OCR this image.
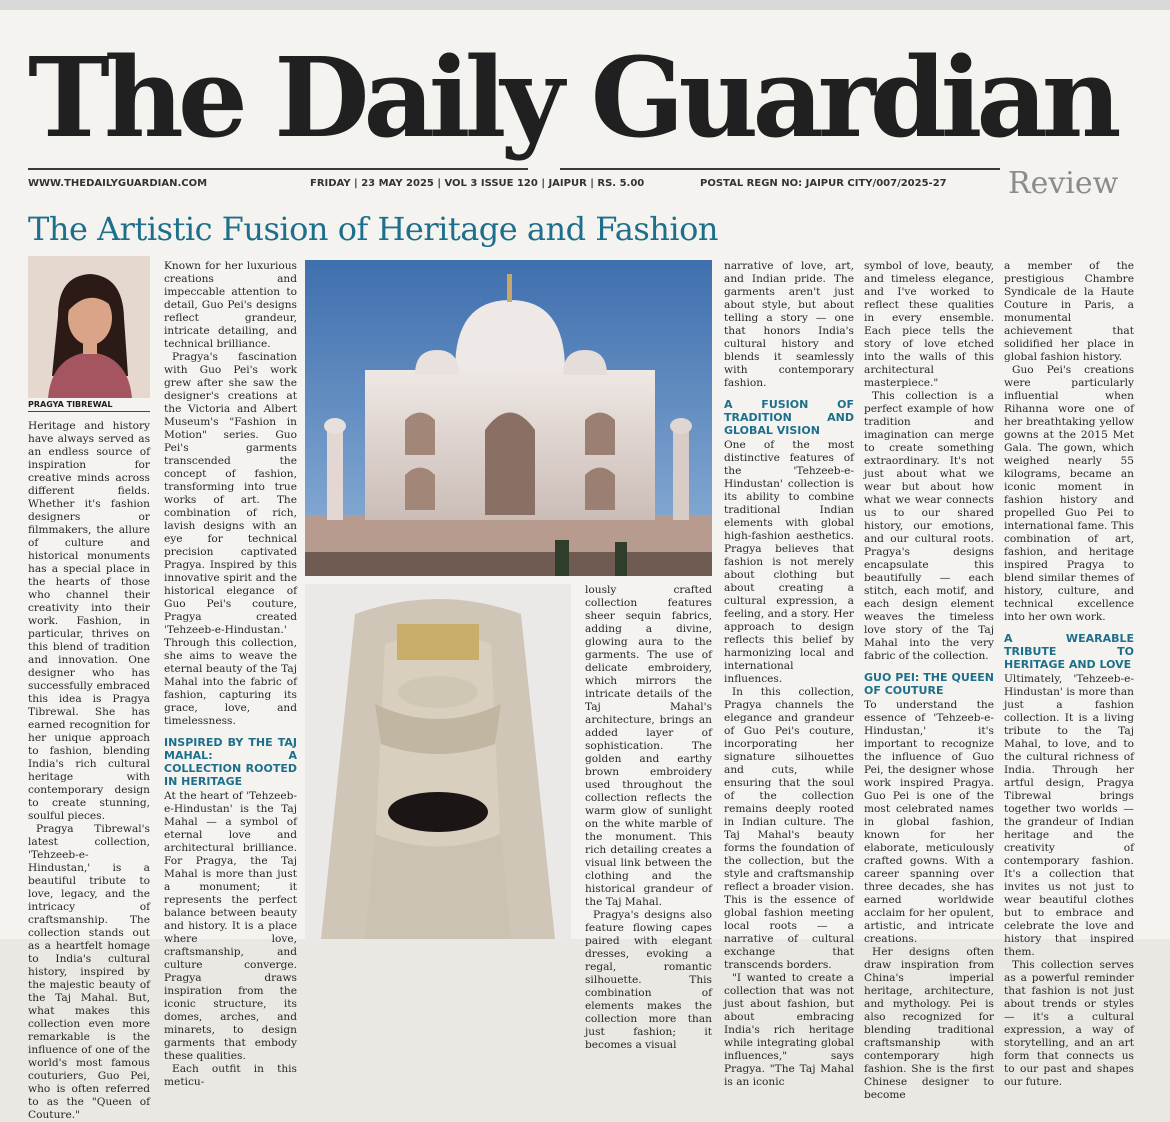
The Daily Guardian
WWW.THEDAILYGUARDIAN.COM	FRIDAY | 23 MAY 2025 | VOL 3 ISSUE 120 | JAIPUR | RS. 5.00	POSTAL REGN NO: JAIPUR CITY/007/2025-27 Review
The Artistic Fusion of Heritage and Fashion
PRAGYA TIBREWAL

Heritage and history have always served as an endless source of inspiration for creative minds across different fields. Whether it's fashion designers or filmmakers, the allure of culture and historical monuments has a special place in the hearts of those who channel their creativity into their work. Fashion, in particular, thrives on this blend of tradition and innovation. One designer who has successfully embraced this idea is Pragya Tibrewal. She has earned recognition for her unique approach to fashion, blending India's rich cultural heritage with contemporary design to create stunning, soulful pieces.

Pragya Tibrewal's latest collection, 'Tehzeeb-e-Hindustan,' is a beautiful tribute to love, legacy, and the intricacy of craftsmanship. The collection stands out as a heartfelt homage to India's cultural history, inspired by the majestic beauty of the Taj Mahal. But, what makes this collection even more remarkable is the influence of one of the world's most famous couturiers, Guo Pei, who is often referred to as the "Queen of Couture."

Known for her luxurious creations and impeccable attention to detail, Guo Pei's designs reflect grandeur, intricate detailing, and technical brilliance.

Pragya's fascination with Guo Pei's work grew after she saw the designer's creations at the Victoria and Albert Museum's "Fashion in Motion" series. Guo Pei's garments transcended the concept of fashion, transforming into true works of art. The combination of rich, lavish designs with an eye for technical precision captivated Pragya. Inspired by this innovative spirit and the historical elegance of Guo Pei's couture, Pragya created 'Tehzeeb-e-Hindustan.' Through this collection, she aims to weave the eternal beauty of the Taj Mahal into the fabric of fashion, capturing its grace, love, and timelessness.

INSPIRED BY THE TAJ MAHAL: A COLLECTION ROOTED IN HERITAGE

At the heart of 'Tehzeeb-e-Hindustan' is the Taj Mahal — a symbol of eternal love and architectural brilliance. For Pragya, the Taj Mahal is more than just a monument; it represents the perfect balance between beauty and history. It is a place where love, craftsmanship, and culture converge. Pragya draws inspiration from the iconic structure, its domes, arches, and minarets, to design garments that embody these qualities.

Each outfit in this meticu-

lously crafted collection features sheer sequin fabrics, adding a divine, glowing aura to the garments. The use of delicate embroidery, which mirrors the intricate details of the Taj Mahal's architecture, brings an added layer of sophistication. The golden and earthy brown embroidery used throughout the collection reflects the warm glow of sunlight on the white marble of the monument. This rich detailing creates a visual link between the clothing and the historical grandeur of the Taj Mahal.

Pragya's designs also feature flowing capes paired with elegant dresses, evoking a regal, romantic silhouette. This combination of elements makes the collection more than just fashion; it becomes a visual

narrative of love, art, and Indian pride. The garments aren't just about style, but about telling a story — one that honors India's cultural history and blends it seamlessly with contemporary fashion.

A FUSION OF TRADITION AND GLOBAL VISION

One of the most distinctive features of the 'Tehzeeb-e-Hindustan' collection is its ability to combine traditional Indian elements with global high-fashion aesthetics. Pragya believes that fashion is not merely about clothing but about creating a cultural expression, a feeling, and a story. Her approach to design reflects this belief by harmonizing local and international influences.

In this collection, Pragya channels the elegance and grandeur of Guo Pei's couture, incorporating her signature silhouettes and cuts, while ensuring that the soul of the collection remains deeply rooted in Indian culture. The Taj Mahal's beauty forms the foundation of the collection, but the style and craftsmanship reflect a broader vision. This is the essence of global fashion meeting local roots — a narrative of cultural exchange that transcends borders.

"I wanted to create a collection that was not just about fashion, but about embracing India's rich heritage while integrating global influences," says Pragya. "The Taj Mahal is an iconic

symbol of love, beauty, and timeless elegance, and I've worked to reflect these qualities in every ensemble. Each piece tells the story of love etched into the walls of this architectural masterpiece."

This collection is a perfect example of how tradition and imagination can merge to create something extraordinary. It's not just about what we wear but about how what we wear connects us to our shared history, our emotions, and our cultural roots. Pragya's designs encapsulate this beautifully — each stitch, each motif, and each design element weaves the timeless love story of the Taj Mahal into the very fabric of the collection.

GUO PEI: THE QUEEN OF COUTURE

To understand the essence of 'Tehzeeb-e-Hindustan,' it's important to recognize the influence of Guo Pei, the designer whose work inspired Pragya. Guo Pei is one of the most celebrated names in global fashion, known for her elaborate, meticulously crafted gowns. With a career spanning over three decades, she has earned worldwide acclaim for her opulent, artistic, and intricate creations.

Her designs often draw inspiration from China's imperial heritage, architecture, and mythology. Pei is also recognized for blending traditional craftsmanship with contemporary high fashion. She is the first Chinese designer to become

a member of the prestigious Chambre Syndicale de la Haute Couture in Paris, a monumental achievement that solidified her place in global fashion history.

Guo Pei's creations were particularly influential when Rihanna wore one of her breathtaking yellow gowns at the 2015 Met Gala. The gown, which weighed nearly 55 kilograms, became an iconic moment in fashion history and propelled Guo Pei to international fame. This combination of art, fashion, and heritage inspired Pragya to blend similar themes of history, culture, and technical excellence into her own work.

A WEARABLE TRIBUTE TO HERITAGE AND LOVE

Ultimately, 'Tehzeeb-e-Hindustan' is more than just a fashion collection. It is a living tribute to the Taj Mahal, to love, and to the cultural richness of India. Through her artful design, Pragya Tibrewal brings together two worlds — the grandeur of Indian heritage and the creativity of contemporary fashion. It's a collection that invites us not just to wear beautiful clothes but to embrace and celebrate the love and history that inspired them.

This collection serves as a powerful reminder that fashion is not just about trends or styles — it's a cultural expression, a way of storytelling, and an art form that connects us to our past and shapes our future.
